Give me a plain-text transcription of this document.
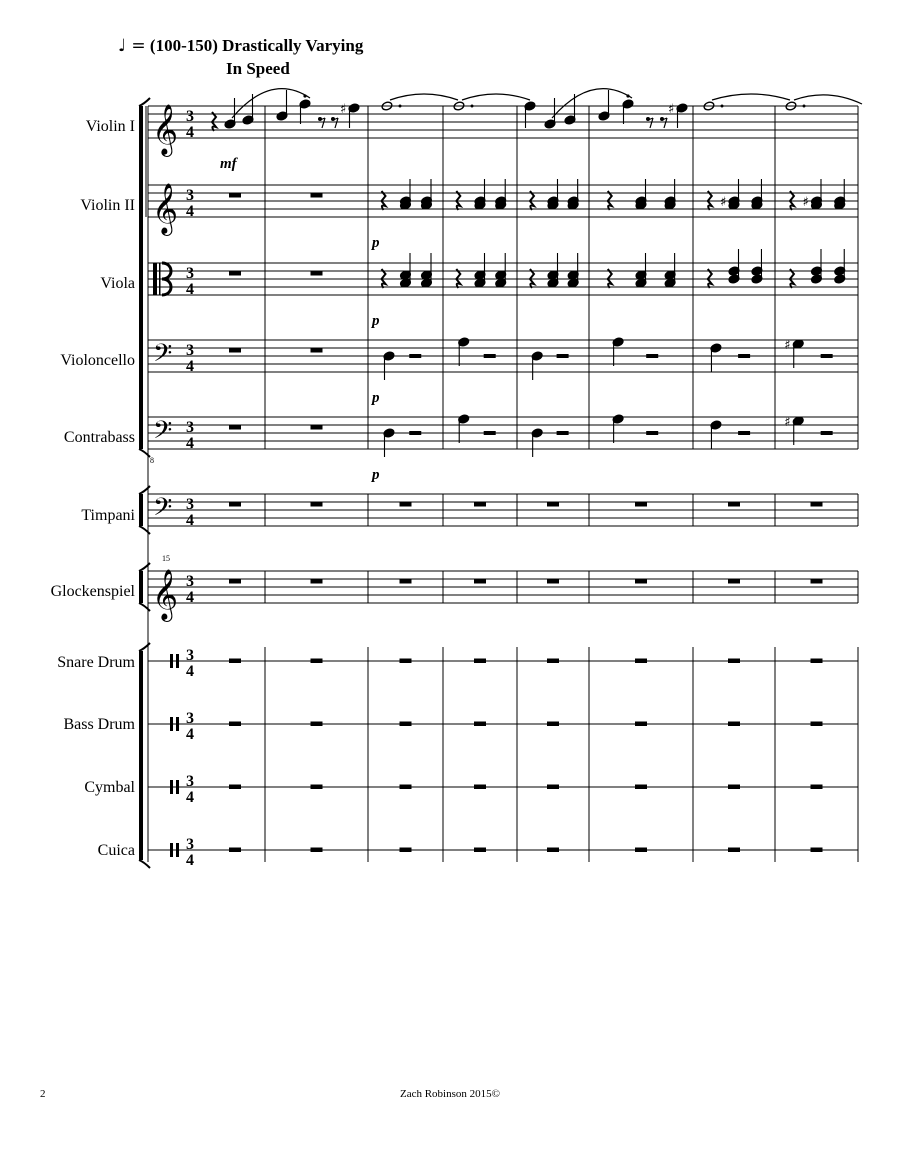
♩ = (100-150) Drastically Varying
In Speed
Violin I
Violin II
Viola
Violoncello
Contrabass
Timpani
Glockenspiel
Snare Drum
Bass Drum
Cymbal
Cuica
𝄞
𝄞
𝄢
𝄢
𝄢
𝄞
8
15
3
4
3
4
3
4
3
4
3
4
3
4
3
4
3
4
3
4
3
4
3
4
♯	♯
♯	♯
♯
♯
mf
p
p
p
p
2	Zach Robinson 2015©
